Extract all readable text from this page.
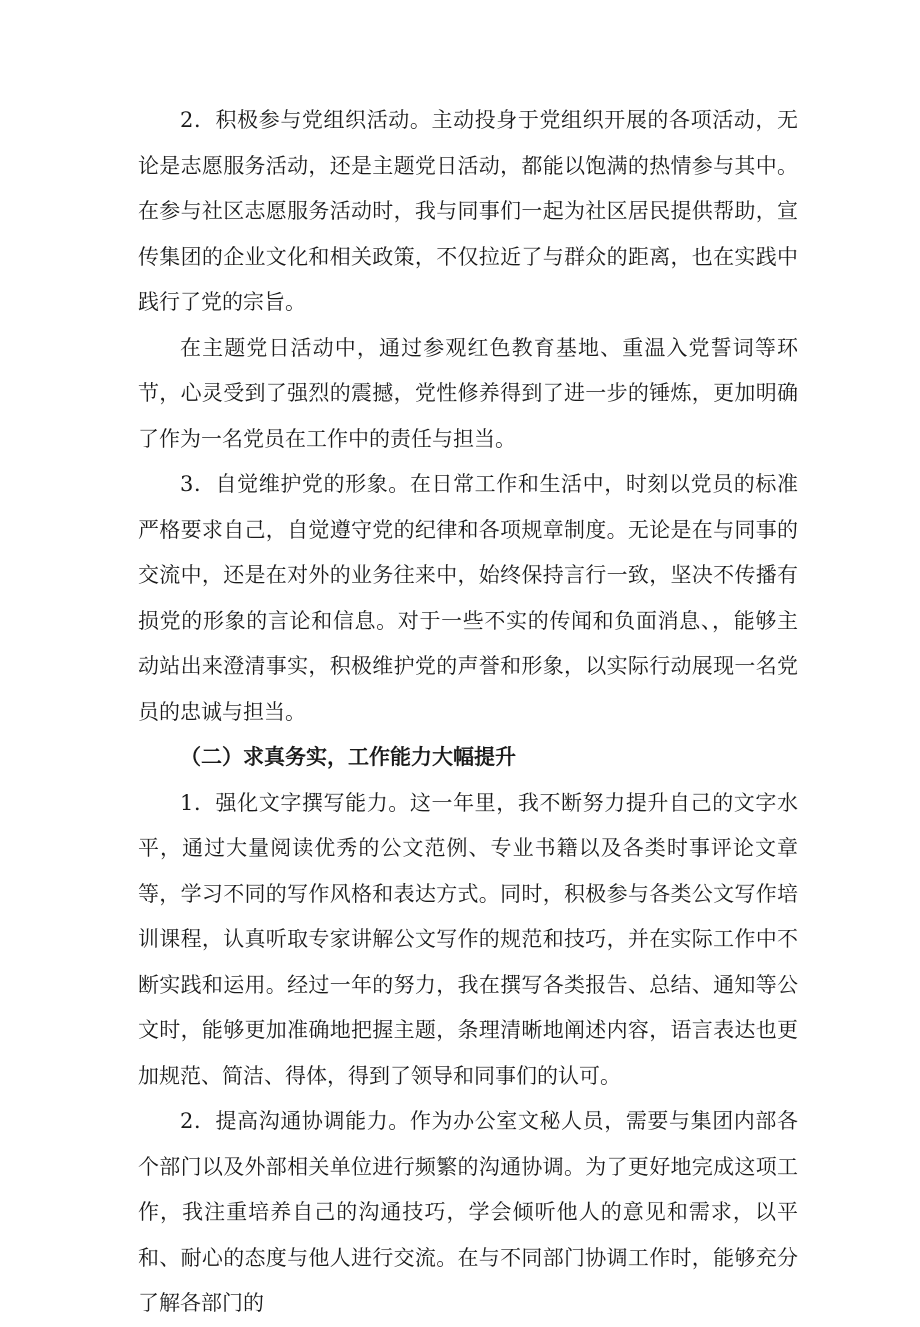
2．积极参与党组织活动。主动投身于党组织开展的各项活动，无论是志愿服务活动，还是主题党日活动，都能以饱满的热情参与其中。在参与社区志愿服务活动时，我与同事们一起为社区居民提供帮助，宣传集团的企业文化和相关政策，不仅拉近了与群众的距离，也在实践中践行了党的宗旨。

在主题党日活动中，通过参观红色教育基地、重温入党誓词等环节，心灵受到了强烈的震撼，党性修养得到了进一步的锤炼，更加明确了作为一名党员在工作中的责任与担当。

3．自觉维护党的形象。在日常工作和生活中，时刻以党员的标准严格要求自己，自觉遵守党的纪律和各项规章制度。无论是在与同事的交流中，还是在对外的业务往来中，始终保持言行一致，坚决不传播有损党的形象的言论和信息。对于一些不实的传闻和负面消息、，能够主动站出来澄清事实，积极维护党的声誉和形象，以实际行动展现一名党员的忠诚与担当。

（二）求真务实，工作能力大幅提升

1．强化文字撰写能力。这一年里，我不断努力提升自己的文字水平，通过大量阅读优秀的公文范例、专业书籍以及各类时事评论文章等，学习不同的写作风格和表达方式。同时，积极参与各类公文写作培训课程，认真听取专家讲解公文写作的规范和技巧，并在实际工作中不断实践和运用。经过一年的努力，我在撰写各类报告、总结、通知等公文时，能够更加准确地把握主题，条理清晰地阐述内容，语言表达也更加规范、简洁、得体，得到了领导和同事们的认可。

2．提高沟通协调能力。作为办公室文秘人员，需要与集团内部各个部门以及外部相关单位进行频繁的沟通协调。为了更好地完成这项工作，我注重培养自己的沟通技巧，学会倾听他人的意见和需求，以平和、耐心的态度与他人进行交流。在与不同部门协调工作时，能够充分了解各部门的
